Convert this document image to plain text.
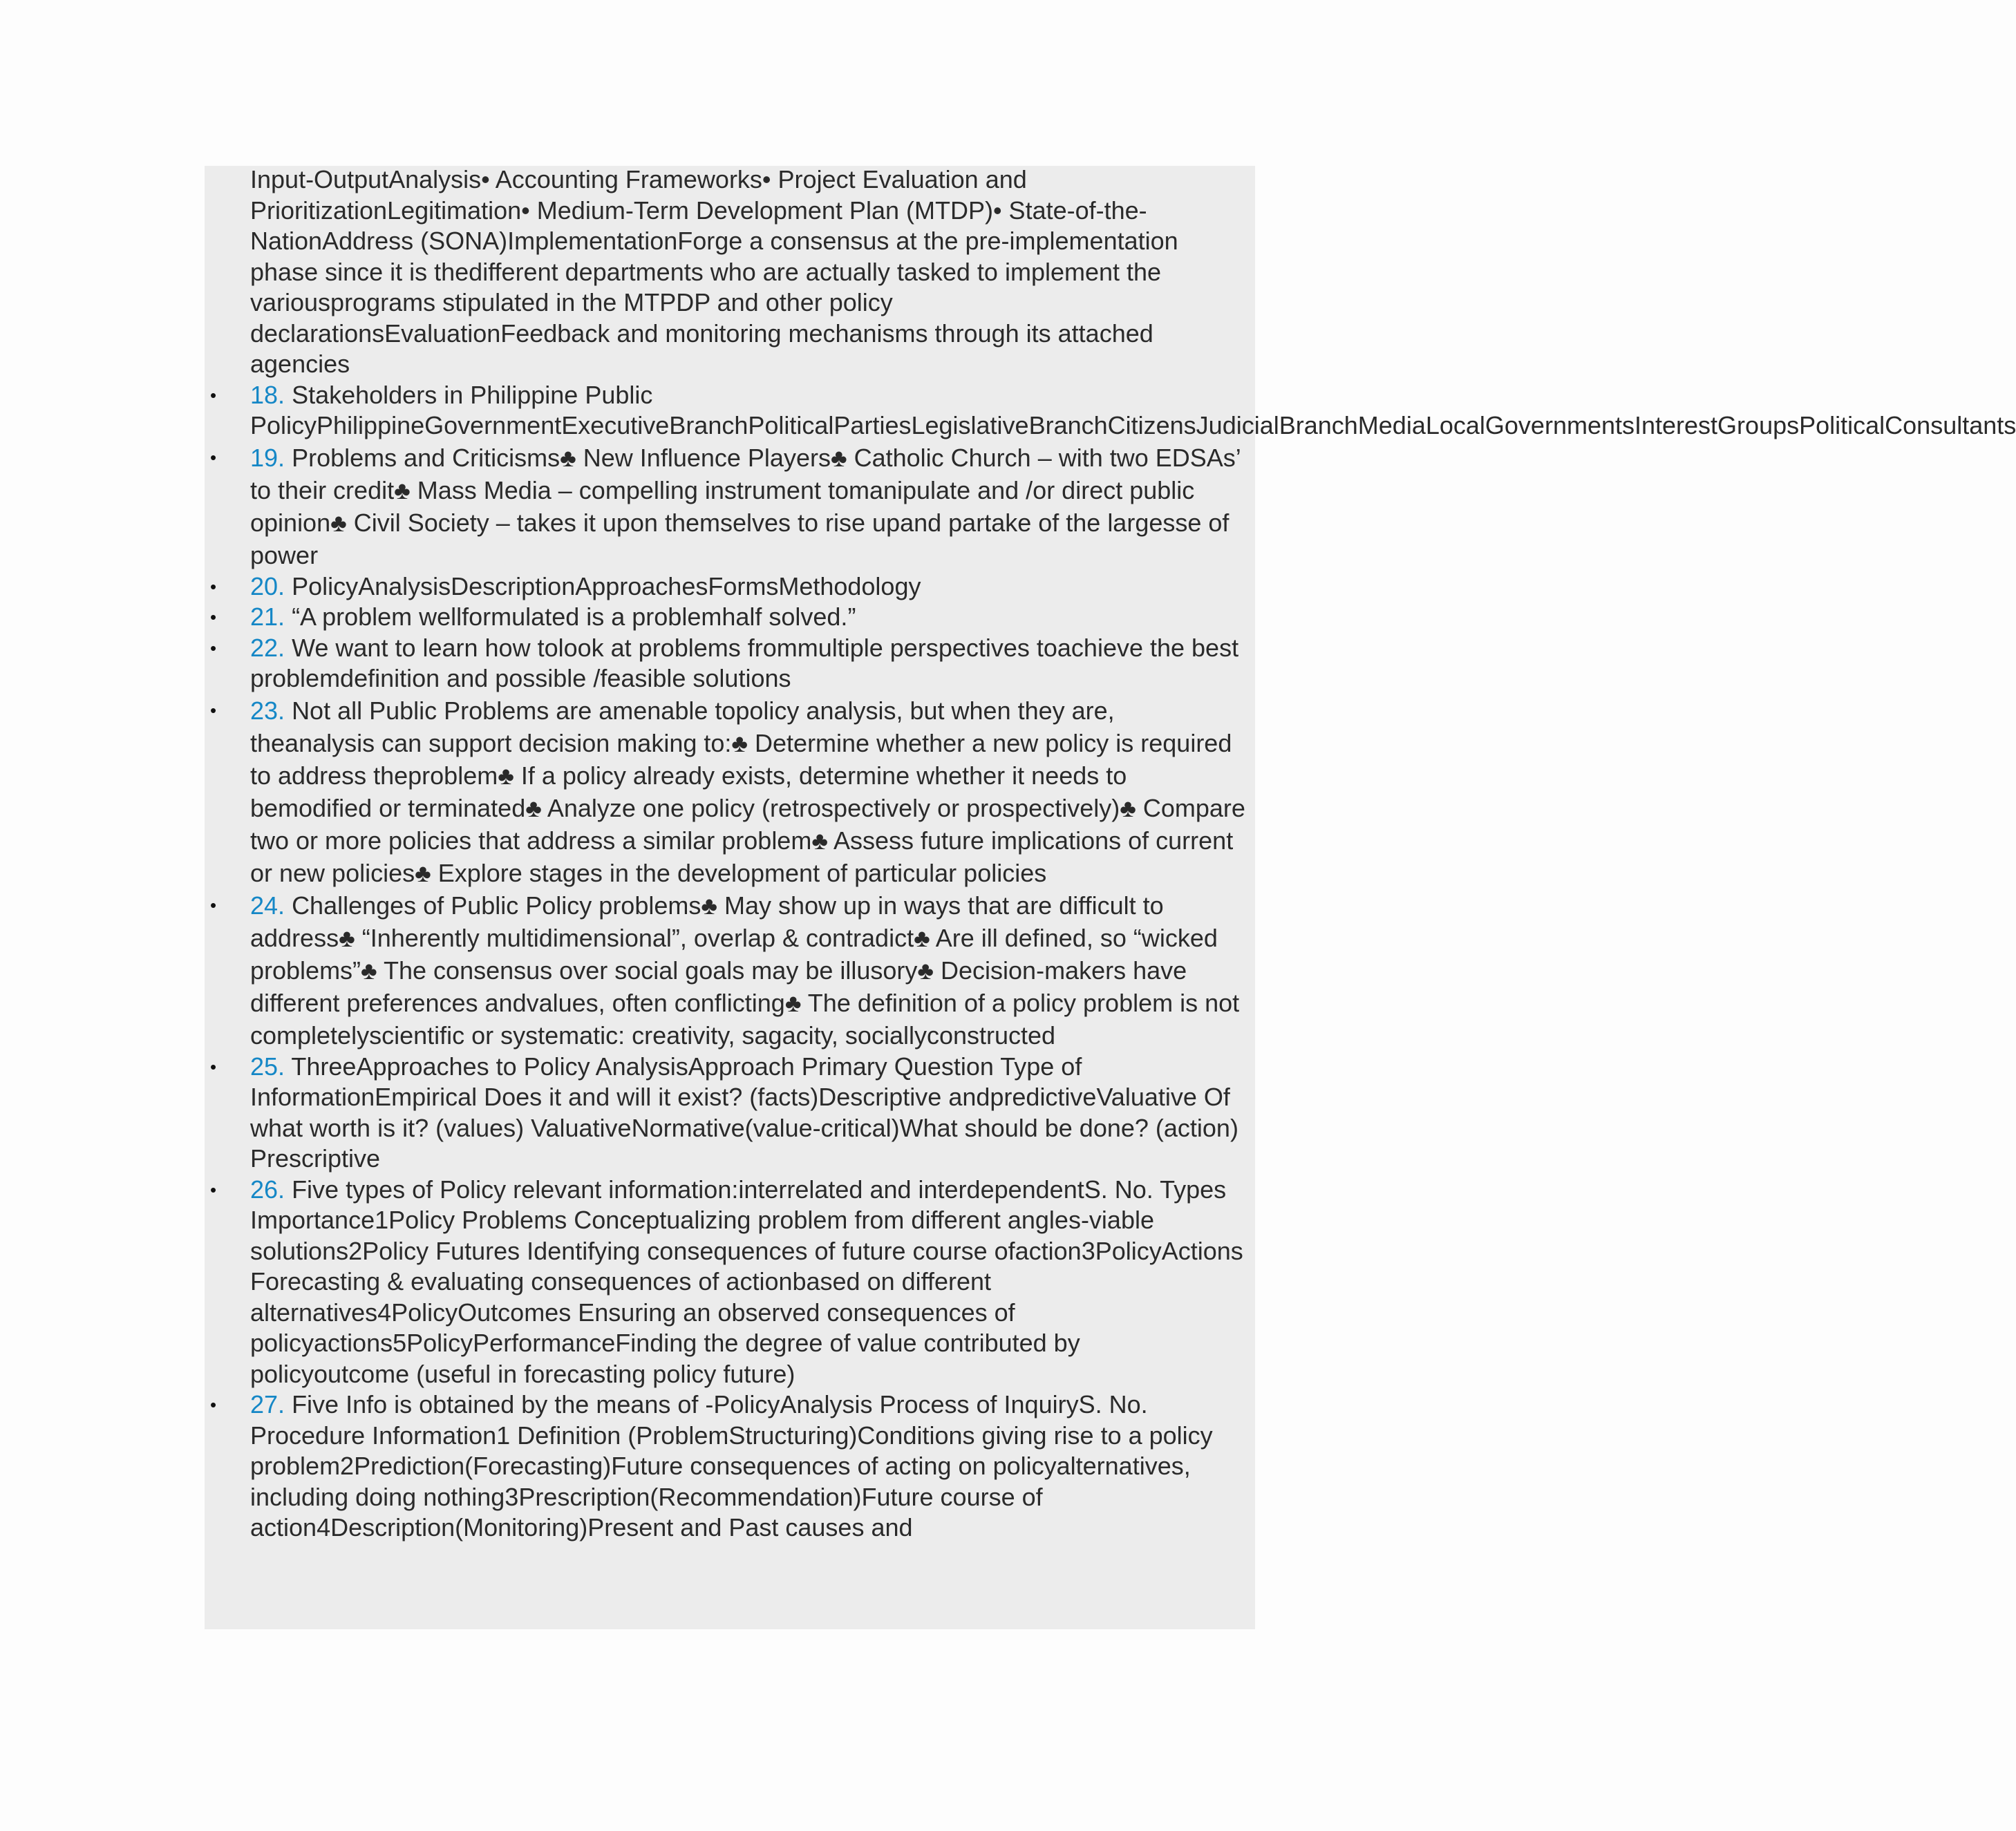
Input-OutputAnalysis• Accounting Frameworks• Project Evaluation and PrioritizationLegitimation• Medium-Term Development Plan (MTDP)• State-of-the-NationAddress (SONA)ImplementationForge a consensus at the pre-implementation phase since it is thedifferent departments who are actually tasked to implement the variousprograms stipulated in the MTPDP and other policy declarationsEvaluationFeedback and monitoring mechanisms through its attached agencies

• 18. Stakeholders in Philippine Public PolicyPhilippineGovernmentExecutiveBranchPoliticalPartiesLegislativeBranchCitizensJudicialBranchMediaLocalGovernmentsInterestGroupsPoliticalConsultants
• 19. Problems and Criticisms♣ New Influence Players♣ Catholic Church – with two EDSAs’ to their credit♣ Mass Media – compelling instrument tomanipulate and /or direct public opinion♣ Civil Society – takes it upon themselves to rise upand partake of the largesse of power
• 20. PolicyAnalysisDescriptionApproachesFormsMethodology
• 21. “A problem wellformulated is a problemhalf solved.”
• 22. We want to learn how tolook at problems frommultiple perspectives toachieve the best problemdefinition and possible /feasible solutions
• 23. Not all Public Problems are amenable topolicy analysis, but when they are, theanalysis can support decision making to:♣ Determine whether a new policy is required to address theproblem♣ If a policy already exists, determine whether it needs to bemodified or terminated♣ Analyze one policy (retrospectively or prospectively)♣ Compare two or more policies that address a similar problem♣ Assess future implications of current or new policies♣ Explore stages in the development of particular policies
• 24. Challenges of Public Policy problems♣ May show up in ways that are difficult to address♣ “Inherently multidimensional”, overlap & contradict♣ Are ill defined, so “wicked problems”♣ The consensus over social goals may be illusory♣ Decision-makers have different preferences andvalues, often conflicting♣ The definition of a policy problem is not completelyscientific or systematic: creativity, sagacity, sociallyconstructed
• 25. ThreeApproaches to Policy AnalysisApproach Primary Question Type of InformationEmpirical Does it and will it exist? (facts)Descriptive andpredictiveValuative Of what worth is it? (values) ValuativeNormative(value-critical)What should be done? (action) Prescriptive
• 26. Five types of Policy relevant information:interrelated and interdependentS. No. Types Importance1Policy Problems Conceptualizing problem from different angles-viable solutions2Policy Futures Identifying consequences of future course ofaction3PolicyActions Forecasting & evaluating consequences of actionbased on different alternatives4PolicyOutcomes Ensuring an observed consequences of policyactions5PolicyPerformanceFinding the degree of value contributed by policyoutcome (useful in forecasting policy future)
• 27. Five Info is obtained by the means of -PolicyAnalysis Process of InquiryS. No. Procedure Information1 Definition (ProblemStructuring)Conditions giving rise to a policy problem2Prediction(Forecasting)Future consequences of acting on policyalternatives, including doing nothing3Prescription(Recommendation)Future course of action4Description(Monitoring)Present and Past causes and
